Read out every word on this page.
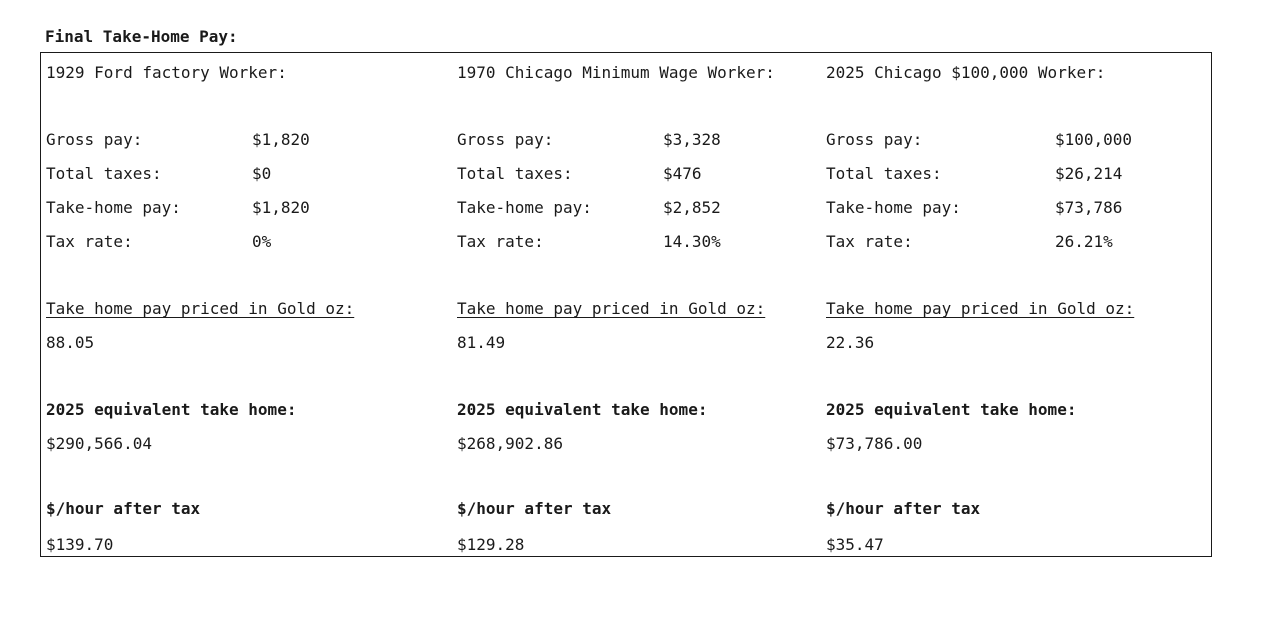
Final Take-Home Pay:
1929 Ford factory Worker:
Gross pay:	$1,820
Total taxes:	$0
Take-home pay:	$1,820
Tax rate:	0%
Take home pay priced in Gold oz:
88.05
2025 equivalent take home:
$290,566.04
$/hour after tax
$139.70
1970 Chicago Minimum Wage Worker:
Gross pay:	$3,328
Total taxes:	$476
Take-home pay:	$2,852
Tax rate:	14.30%
Take home pay priced in Gold oz:
81.49
2025 equivalent take home:
$268,902.86
$/hour after tax
$129.28
2025 Chicago $100,000 Worker:
Gross pay:	$100,000
Total taxes:	$26,214
Take-home pay:	$73,786
Tax rate:	26.21%
Take home pay priced in Gold oz:
22.36
2025 equivalent take home:
$73,786.00
$/hour after tax
$35.47
